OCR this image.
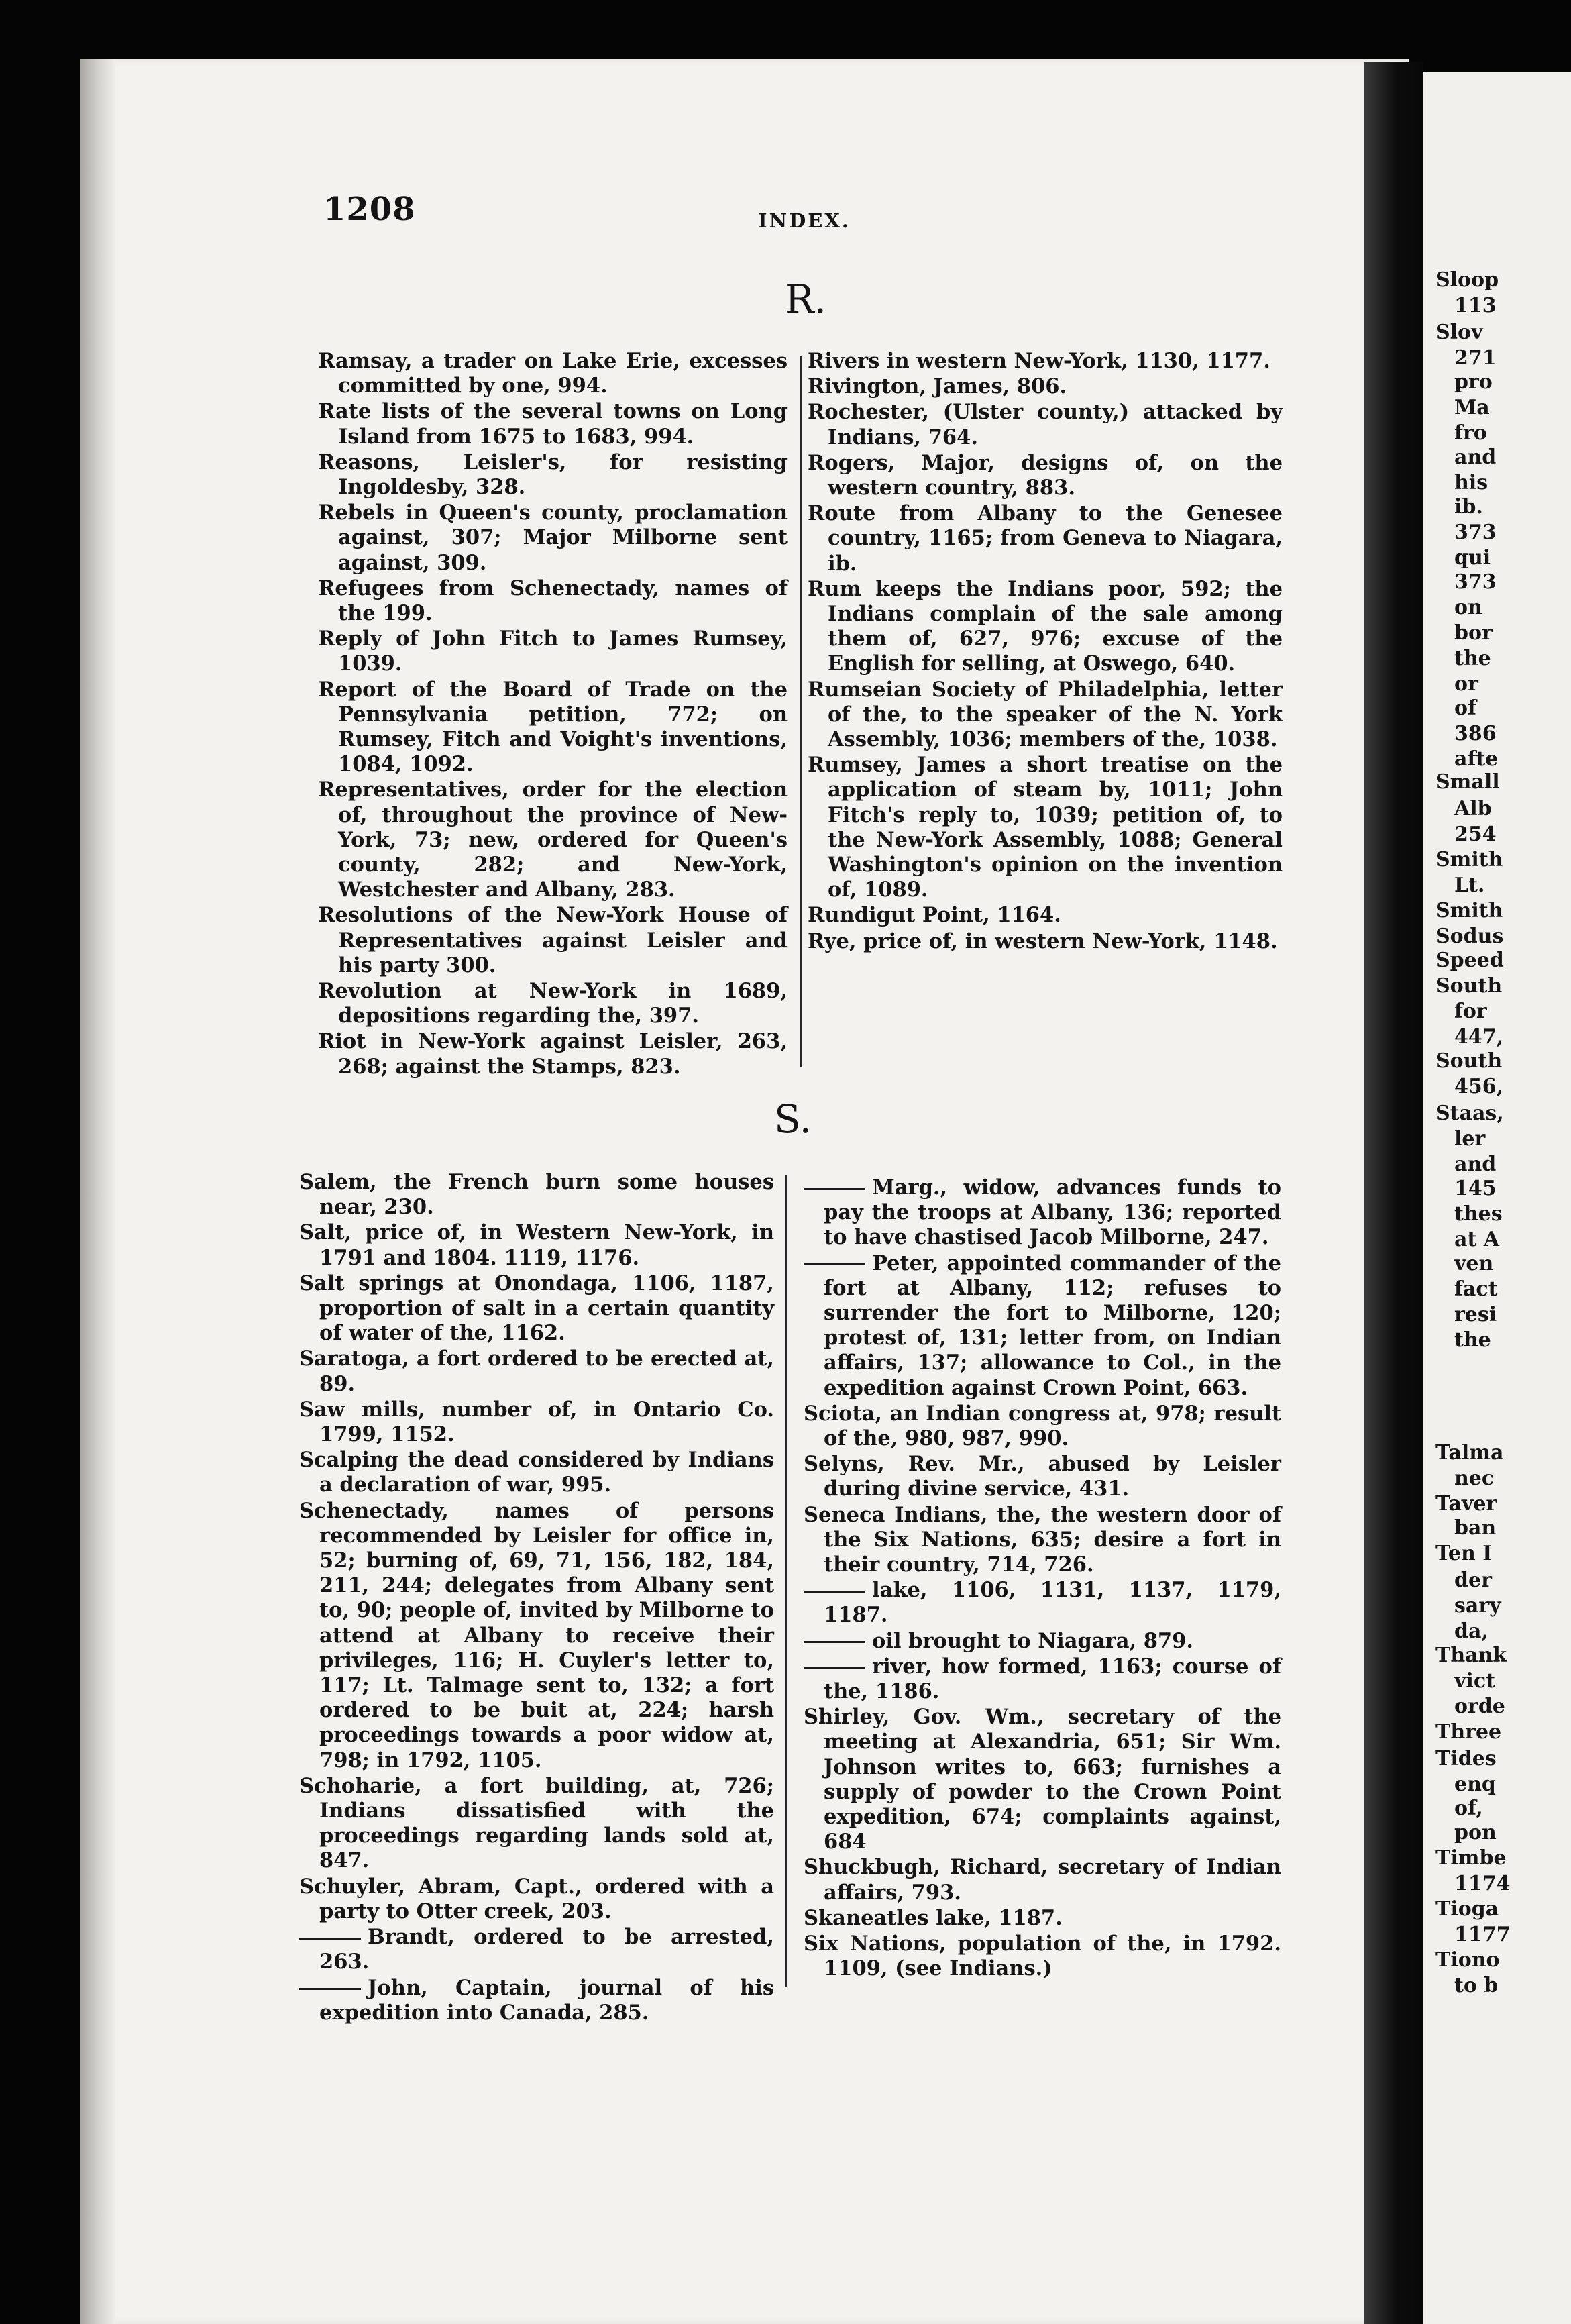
Sloop
113
Slov
271
pro
Ma
fro
and
his
ib.
373
qui
373
on
bor
the
or
of
386
afte
Small
Alb
254
Smith
Lt.
Smith
Sodus
Speed
South
for
447,
South
456,
Staas,
ler
and
145
thes
at A
ven
fact
resi
the
Talma
nec
Taver
ban
Ten I
der
sary
da,
Thank
vict
orde
Three
Tides
enq
of,
pon
Timbe
1174
Tioga
1177
Tiono
to b
1208	INDEX.
R.
S.
Ramsay, a trader on Lake Erie, excesses committed by one, 994.
Rate lists of the several towns on Long Island from 1675 to 1683, 994.
Reasons, Leisler's, for resisting Ingoldesby, 328.
Rebels in Queen's county, proclamation against, 307; Major Milborne sent against, 309.
Refugees from Schenectady, names of the 199.
Reply of John Fitch to James Rumsey, 1039.
Report of the Board of Trade on the Pennsylvania petition, 772; on Rumsey, Fitch and Voight's inventions, 1084, 1092.
Representatives, order for the election of, throughout the province of New-York, 73; new, ordered for Queen's county, 282; and New-York, Westchester and Albany, 283.
Resolutions of the New-York House of Representatives against Leisler and his party 300.
Revolution at New-York in 1689, depositions regarding the, 397.
Riot in New-York against Leisler, 263, 268; against the Stamps, 823.
Rivers in western New-York, 1130, 1177.
Rivington, James, 806.
Rochester, (Ulster county,) attacked by Indians, 764.
Rogers, Major, designs of, on the western country, 883.
Route from Albany to the Genesee country, 1165; from Geneva to Niagara, ib.
Rum keeps the Indians poor, 592; the Indians complain of the sale among them of, 627, 976; excuse of the English for selling, at Oswego, 640.
Rumseian Society of Philadelphia, letter of the, to the speaker of the N. York Assembly, 1036; members of the, 1038.
Rumsey, James a short treatise on the application of steam by, 1011; John Fitch's reply to, 1039; petition of, to the New-York Assembly, 1088; General Washington's opinion on the invention of, 1089.
Rundigut Point, 1164.
Rye, price of, in western New-York, 1148.
Salem, the French burn some houses near, 230.
Salt, price of, in Western New-York, in 1791 and 1804. 1119, 1176.
Salt springs at Onondaga, 1106, 1187, proportion of salt in a certain quantity of water of the, 1162.
Saratoga, a fort ordered to be erected at, 89.
Saw mills, number of, in Ontario Co. 1799, 1152.
Scalping the dead considered by Indians a declaration of war, 995.
Schenectady, names of persons recommended by Leisler for office in, 52; burning of, 69, 71, 156, 182, 184, 211, 244; delegates from Albany sent to, 90; people of, invited by Milborne to attend at Albany to receive their privileges, 116; H. Cuyler's letter to, 117; Lt. Talmage sent to, 132; a fort ordered to be buit at, 224; harsh proceedings towards a poor widow at, 798; in 1792, 1105.
Schoharie, a fort building, at, 726; Indians dissatisfied with the proceedings regarding lands sold at, 847.
Schuyler, Abram, Capt., ordered with a party to Otter creek, 203.
Brandt, ordered to be arrested, 263.
John, Captain, journal of his expedition into Canada, 285.
Marg., widow, advances funds to pay the troops at Albany, 136; reported to have chastised Jacob Milborne, 247.
Peter, appointed commander of the fort at Albany, 112; refuses to surrender the fort to Milborne, 120; protest of, 131; letter from, on Indian affairs, 137; allowance to Col., in the expedition against Crown Point, 663.
Sciota, an Indian congress at, 978; result of the, 980, 987, 990.
Selyns, Rev. Mr., abused by Leisler during divine service, 431.
Seneca Indians, the, the western door of the Six Nations, 635; desire a fort in their country, 714, 726.
lake, 1106, 1131, 1137, 1179, 1187.
oil brought to Niagara, 879.
river, how formed, 1163; course of the, 1186.
Shirley, Gov. Wm., secretary of the meeting at Alexandria, 651; Sir Wm. Johnson writes to, 663; furnishes a supply of powder to the Crown Point expedition, 674; complaints against, 684
Shuckbugh, Richard, secretary of Indian affairs, 793.
Skaneatles lake, 1187.
Six Nations, population of the, in 1792. 1109, (see Indians.)
